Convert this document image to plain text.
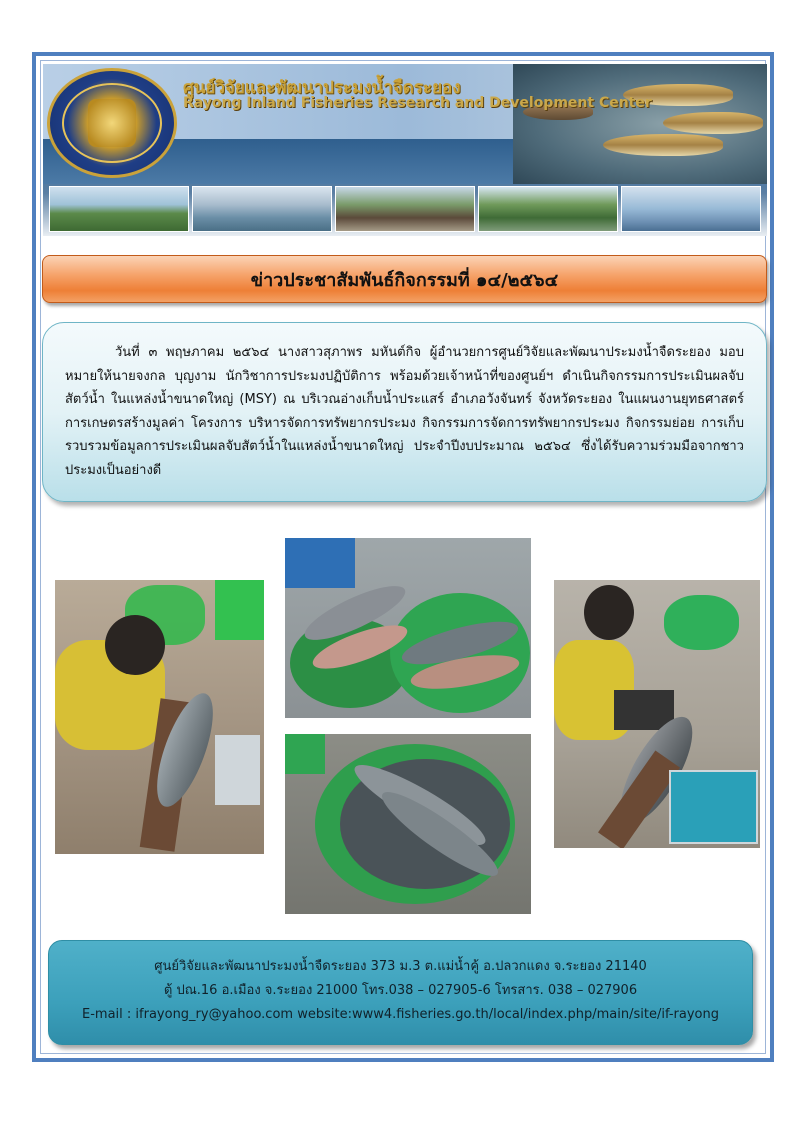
ศูนย์วิจัยและพัฒนาประมงน้ำจืดระยอง
Rayong Inland Fisheries Research and Development Center
ข่าวประชาสัมพันธ์กิจกรรมที่ ๑๔/๒๕๖๔

วันที่ ๓ พฤษภาคม ๒๕๖๔ นางสาวสุภาพร มหันต์กิจ ผู้อำนวยการศูนย์วิจัยและพัฒนาประมงน้ำจืดระยอง มอบหมายให้นายจงกล บุญงาม นักวิชาการประมงปฏิบัติการ พร้อมด้วยเจ้าหน้าที่ของศูนย์ฯ ดำเนินกิจกรรมการประเมินผลจับสัตว์น้ำ ในแหล่งน้ำขนาดใหญ่ (MSY) ณ บริเวณอ่างเก็บน้ำประแสร์ อำเภอวังจันทร์ จังหวัดระยอง ในแผนงานยุทธศาสตร์การเกษตรสร้างมูลค่า โครงการ บริหารจัดการทรัพยากรประมง กิจกรรมการจัดการทรัพยากรประมง กิจกรรมย่อย การเก็บรวบรวมข้อมูลการประเมินผลจับสัตว์น้ำในแหล่งน้ำขนาดใหญ่ ประจำปีงบประมาณ ๒๕๖๔ ซึ่งได้รับความร่วมมือจากชาวประมงเป็นอย่างดี

ศูนย์วิจัยและพัฒนาประมงน้ำจืดระยอง 373 ม.3 ต.แม่น้ำคู้ อ.ปลวกแดง จ.ระยอง 21140
ตู้ ปณ.16 อ.เมือง จ.ระยอง 21000 โทร.038 – 027905-6 โทรสาร. 038 – 027906
E-mail : ifrayong_ry@yahoo.com website:www4.fisheries.go.th/local/index.php/main/site/if-rayong
